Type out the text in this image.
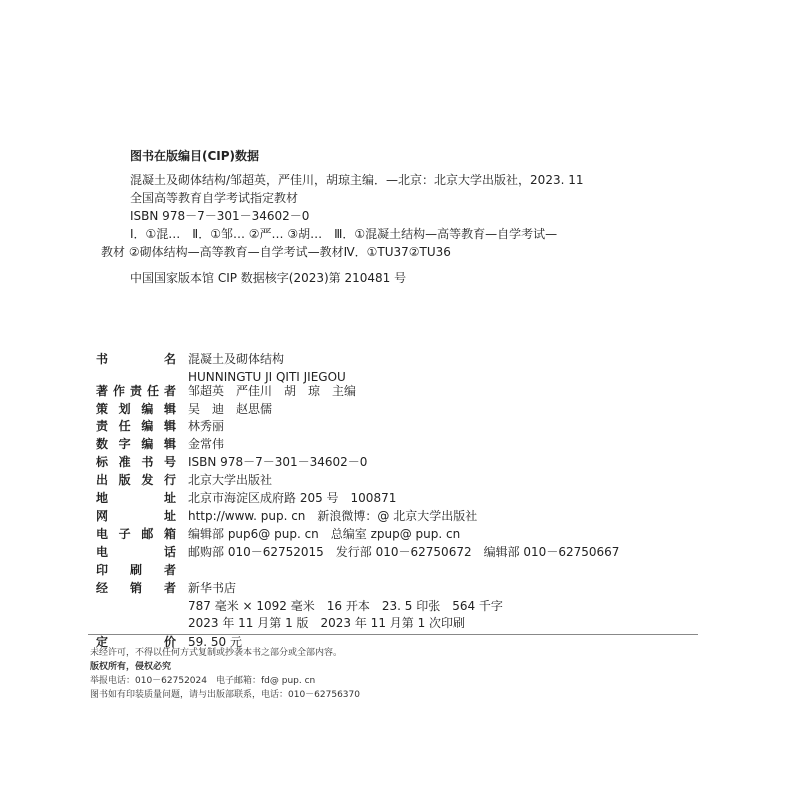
图书在版编目(CIP)数据
混凝土及砌体结构/邹超英，严佳川，胡琼主编．—北京：北京大学出版社，2023. 11
全国高等教育自学考试指定教材
ISBN 978－7－301－34602－0
Ⅰ．①混…　Ⅱ．①邹… ②严… ③胡…　Ⅲ．①混凝土结构—高等教育—自学考试—
教材 ②砌体结构—高等教育—自学考试—教材Ⅳ．①TU37②TU36
中国国家版本馆 CIP 数据核字(2023)第 210481 号
书　名 混凝土及砌体结构
HUNNINGTU JI QITI JIEGOU
著作责任者 邹超英　严佳川　胡　琼　主编
策划编辑 吴　迪　赵思儒
责任编辑 林秀丽
数字编辑 金常伟
标准书号 ISBN 978－7－301－34602－0
出版发行 北京大学出版社
地　址 北京市海淀区成府路 205 号　100871
网　址 http://www. pup. cn　新浪微博：@ 北京大学出版社
电子邮箱 编辑部 pup6@ pup. cn　总编室 zpup@ pup. cn
电　话 邮购部 010－62752015　发行部 010－62750672　编辑部 010－62750667
印　刷　者
经　销　者 新华书店
787 毫米 × 1092 毫米　16 开本　23. 5 印张　564 千字
2023 年 11 月第 1 版　2023 年 11 月第 1 次印刷
定　价 59. 50 元
未经许可，不得以任何方式复制或抄袭本书之部分或全部内容。
版权所有，侵权必究
举报电话：010－62752024　电子邮箱：fd@ pup. cn
图书如有印装质量问题，请与出版部联系，电话：010－62756370
